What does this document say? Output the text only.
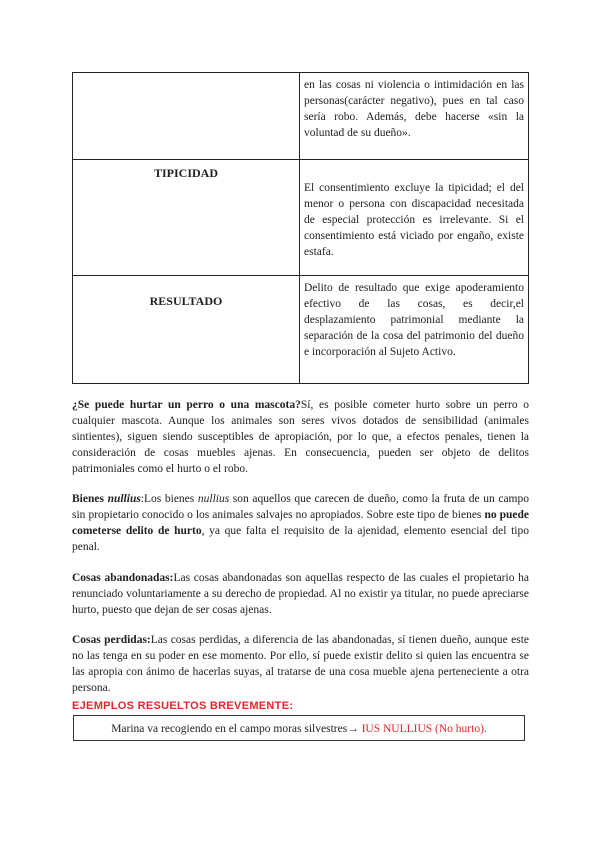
	en las cosas ni violencia o intimidación en las personas(carácter negativo), pues en tal caso sería robo. Además, debe hacerse «sin la voluntad de su dueño».

TIPICIDAD	El consentimiento excluye la tipicidad; el del menor o persona con discapacidad necesitada de especial protección es irrelevante. Si el consentimiento está viciado por engaño, existe estafa.

RESULTADO	Delito de resultado que exige apoderamiento efectivo de las cosas, es decir,el desplazamiento patrimonial mediante la separación de la cosa del patrimonio del dueño e incorporación al Sujeto Activo.
¿Se puede hurtar un perro o una mascota?Sí, es posible cometer hurto sobre un perro o cualquier mascota. Aunque los animales son seres vivos dotados de sensibilidad (animales sintientes), siguen siendo susceptibles de apropiación, por lo que, a efectos penales, tienen la consideración de cosas muebles ajenas. En consecuencia, pueden ser objeto de delitos patrimoniales como el hurto o el robo.
Bienes nullius:Los bienes nullius son aquellos que carecen de dueño, como la fruta de un campo sin propietario conocido o los animales salvajes no apropiados. Sobre este tipo de bienes no puede cometerse delito de hurto, ya que falta el requisito de la ajenidad, elemento esencial del tipo penal.
Cosas abandonadas:Las cosas abandonadas son aquellas respecto de las cuales el propietario ha renunciado voluntariamente a su derecho de propiedad. Al no existir ya titular, no puede apreciarse hurto, puesto que dejan de ser cosas ajenas.
Cosas perdidas:Las cosas perdidas, a diferencia de las abandonadas, sí tienen dueño, aunque este no las tenga en su poder en ese momento. Por ello, sí puede existir delito si quien las encuentra se las apropia con ánimo de hacerlas suyas, al tratarse de una cosa mueble ajena perteneciente a otra persona.
EJEMPLOS RESUELTOS BREVEMENTE:
Marina va recogiendo en el campo moras silvestres→ IUS NULLIUS (No hurto).
